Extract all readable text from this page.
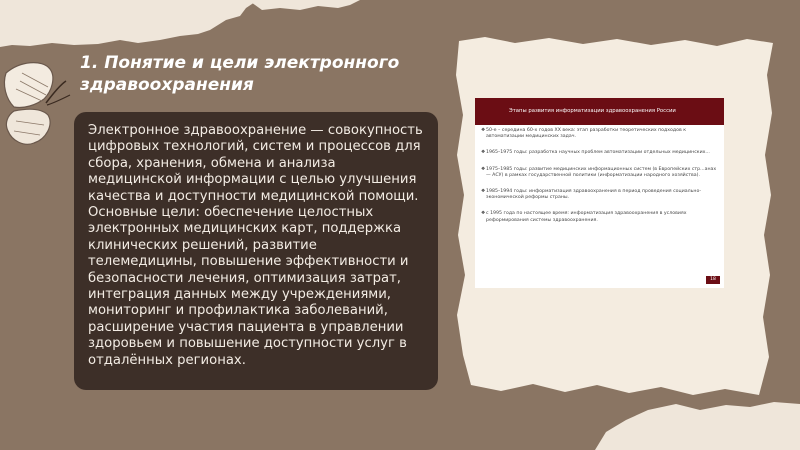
1. Понятие и цели электронного здравоохранения

Электронное здравоохранение — совокупность цифровых технологий, систем и процессов для сбора, хранения, обмена и анализа медицинской информации с целью улучшения качества и доступности медицинской помощи. Основные цели: обеспечение целостных электронных медицинских карт, поддержка клинических решений, развитие телемедицины, повышение эффективности и безопасности лечения, оптимизация затрат, интеграция данных между учреждениями, мониторинг и профилактика заболеваний, расширение участия пациента в управлении здоровьем и повышение доступности услуг в отдалённых регионах.

Этапы развития информатизации здравоохранения России
❖ 50-е – середина 60-х годов XX века: этап разработки теоретических подходов к автоматизации медицинских задач.
❖ 1965–1975 годы: разработка научных проблем автоматизации отдельных медицинских...
❖ 1975–1985 годы: развитие медицинских информационных систем (в Европейских стр...анах — АСУ) в рамках государственной политики (информатизации народного хозяйства).
❖ 1985–1994 годы: информатизация здравоохранения в период проведения социально-экономической реформы страны.
❖ с 1995 года по настоящее время: информатизация здравоохранения в условиях реформирования системы здравоохранения.
18
